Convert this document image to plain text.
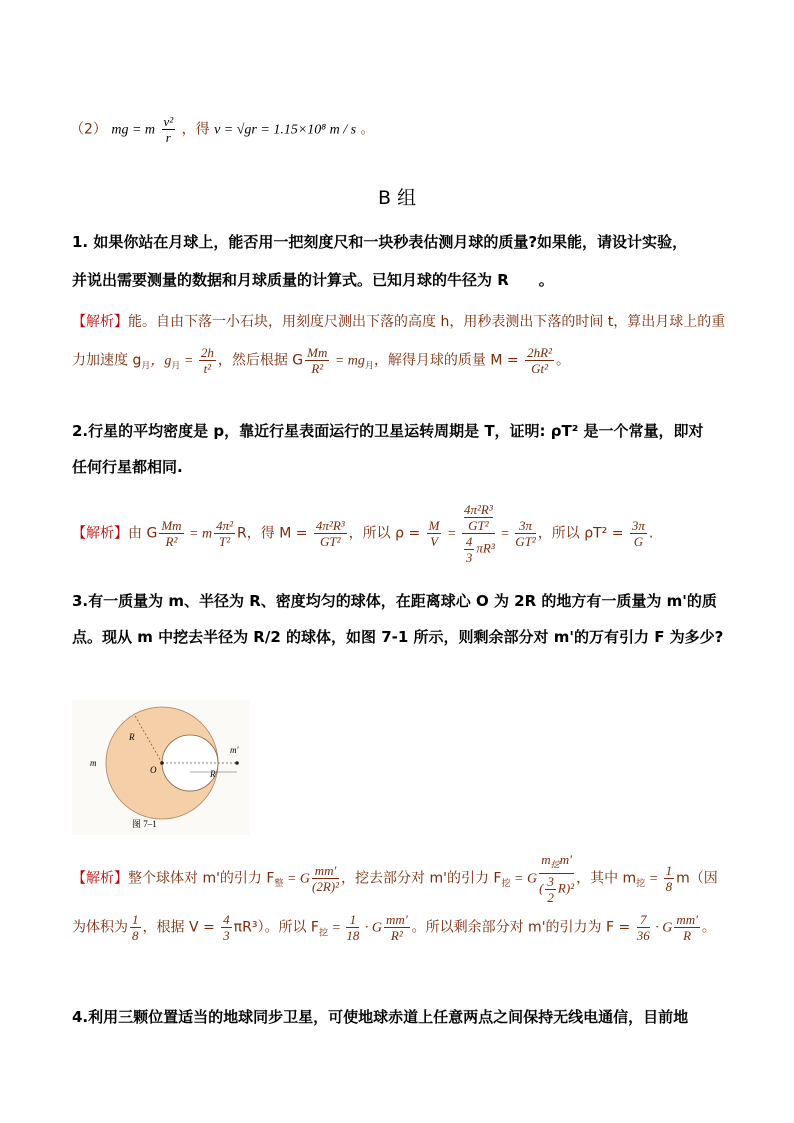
（2） mg = m $\frac{\text{v²}}{r}$ ，得 v = √gr = 1.15×10⁸ m / s 。
B 组
1. 如果你站在月球上，能否用一把刻度尺和一块秒表估测月球的质量?如果能，请设计实验，
并说出需要测量的数据和月球质量的计算式。已知月球的牛径为 R　　。
【解析】能。自由下落一小石块，用刻度尺测出下落的高度 h，用秒表测出下落的时间 t，算出月球上的重
力加速度 $g_月$，$g_月 = \frac{2h}{\text{t²}}$ ，然后根据 G $\frac{Mm}{\text{R²}} = mg_月$，解得月球的质量 $M = \frac{\text{2hR²}}{\text{Gt²}}$ 。
2.行星的平均密度是 p，靠近行星表面运行的卫星运转周期是 T，证明: ρT² 是一个常量，即对
任何行星都相同.
【解析】由 G $\frac{Mm}{\text{R²}} = m \frac{\text{4π²}}{\text{T²}}$ R，得 $M = \frac{\text{4π²R³}}{\text{GT²}}$ ，所以 $\rho = \frac{M}{V} = 4\pi^2R^3$
GT²
$\frac{4}{3} \pi R^3 = \frac{3\pi}{\text{GT²}}$ ，所以 $\rho T^2 = \frac{3\pi}{G}$ .
3.有一质量为 m、半径为 R、密度均匀的球体，在距离球心 O 为 2R 的地方有一质量为 m'的质
点。现从 m 中挖去半径为 R/2 的球体，如图 7-1 所示，则剩余部分对 m'的万有引力 F 为多少?
m
R
O	R
m'
图 7–1
【解析】整个球体对 m'的引力 $F_整 = G \frac{mm'}{\text{(2R)²}}$ ，挖去部分对 m'的引力 $F_挖 = G \frac{m_挖m'}{( \frac{3}{2} R)^2}$ ，其中 $m_挖 = \frac{1}{8} m$（因
为体积为 $\frac{1}{8}$ ，根据 $V = \frac{4}{3} \pi R^3$）。所以 $F_挖 = \frac{1}{18} \cdot G \frac{mm'}{\text{R²}}$ 。所以剩余部分对 m'的引力为 $F = \frac{7}{36} \cdot G \frac{mm'}{R}$ 。
4.利用三颗位置适当的地球同步卫星，可使地球赤道上任意两点之间保持无线电通信，目前地
